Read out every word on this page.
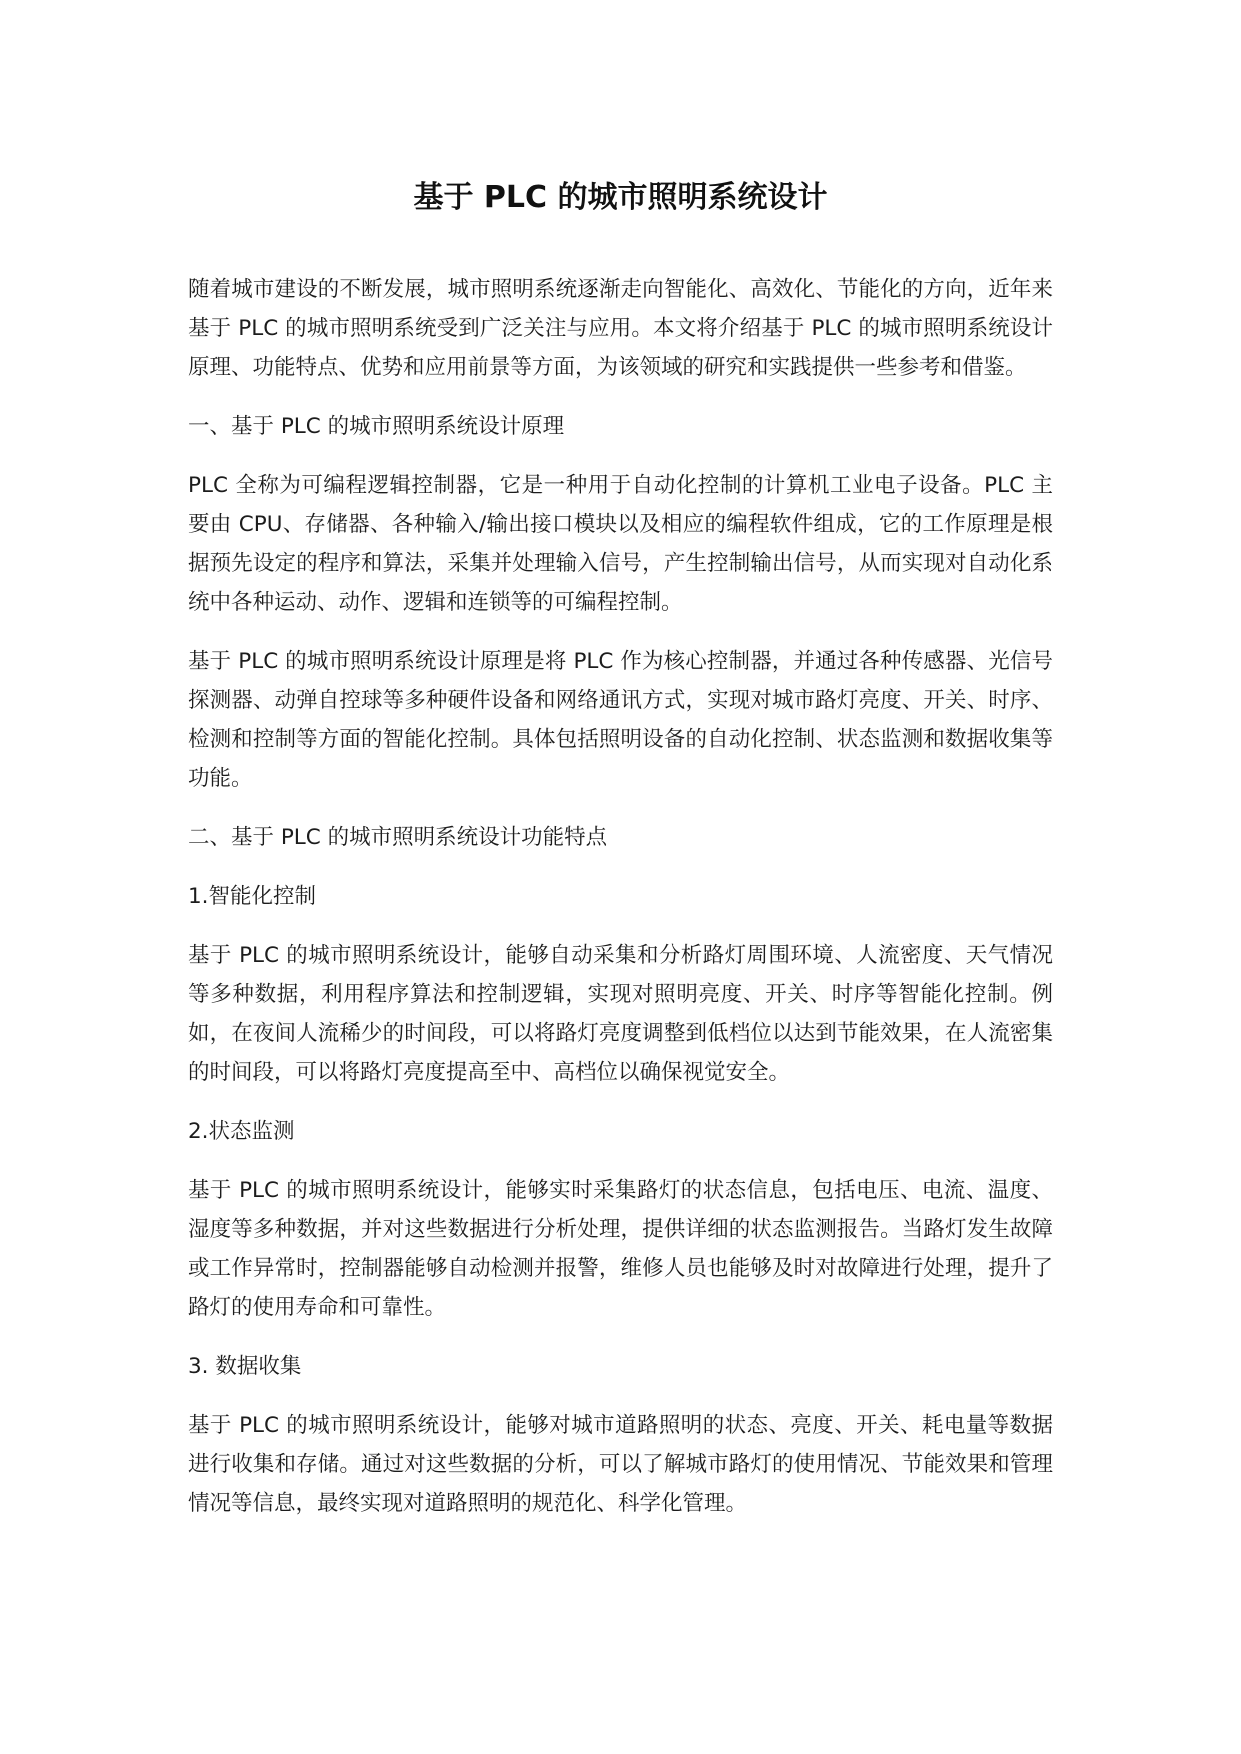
基于 PLC 的城市照明系统设计

随着城市建设的不断发展，城市照明系统逐渐走向智能化、高效化、节能化的方向，近年来基于 PLC 的城市照明系统受到广泛关注与应用。本文将介绍基于 PLC 的城市照明系统设计原理、功能特点、优势和应用前景等方面，为该领域的研究和实践提供一些参考和借鉴。

一、基于 PLC 的城市照明系统设计原理

PLC 全称为可编程逻辑控制器，它是一种用于自动化控制的计算机工业电子设备。PLC 主要由 CPU、存储器、各种输入/输出接口模块以及相应的编程软件组成，它的工作原理是根据预先设定的程序和算法，采集并处理输入信号，产生控制输出信号，从而实现对自动化系统中各种运动、动作、逻辑和连锁等的可编程控制。

基于 PLC 的城市照明系统设计原理是将 PLC 作为核心控制器，并通过各种传感器、光信号探测器、动弹自控球等多种硬件设备和网络通讯方式，实现对城市路灯亮度、开关、时序、检测和控制等方面的智能化控制。具体包括照明设备的自动化控制、状态监测和数据收集等功能。

二、基于 PLC 的城市照明系统设计功能特点

1.智能化控制

基于 PLC 的城市照明系统设计，能够自动采集和分析路灯周围环境、人流密度、天气情况等多种数据，利用程序算法和控制逻辑，实现对照明亮度、开关、时序等智能化控制。例如，在夜间人流稀少的时间段，可以将路灯亮度调整到低档位以达到节能效果，在人流密集的时间段，可以将路灯亮度提高至中、高档位以确保视觉安全。

2.状态监测

基于 PLC 的城市照明系统设计，能够实时采集路灯的状态信息，包括电压、电流、温度、湿度等多种数据，并对这些数据进行分析处理，提供详细的状态监测报告。当路灯发生故障或工作异常时，控制器能够自动检测并报警，维修人员也能够及时对故障进行处理，提升了路灯的使用寿命和可靠性。

3. 数据收集

基于 PLC 的城市照明系统设计，能够对城市道路照明的状态、亮度、开关、耗电量等数据进行收集和存储。通过对这些数据的分析，可以了解城市路灯的使用情况、节能效果和管理情况等信息，最终实现对道路照明的规范化、科学化管理。
